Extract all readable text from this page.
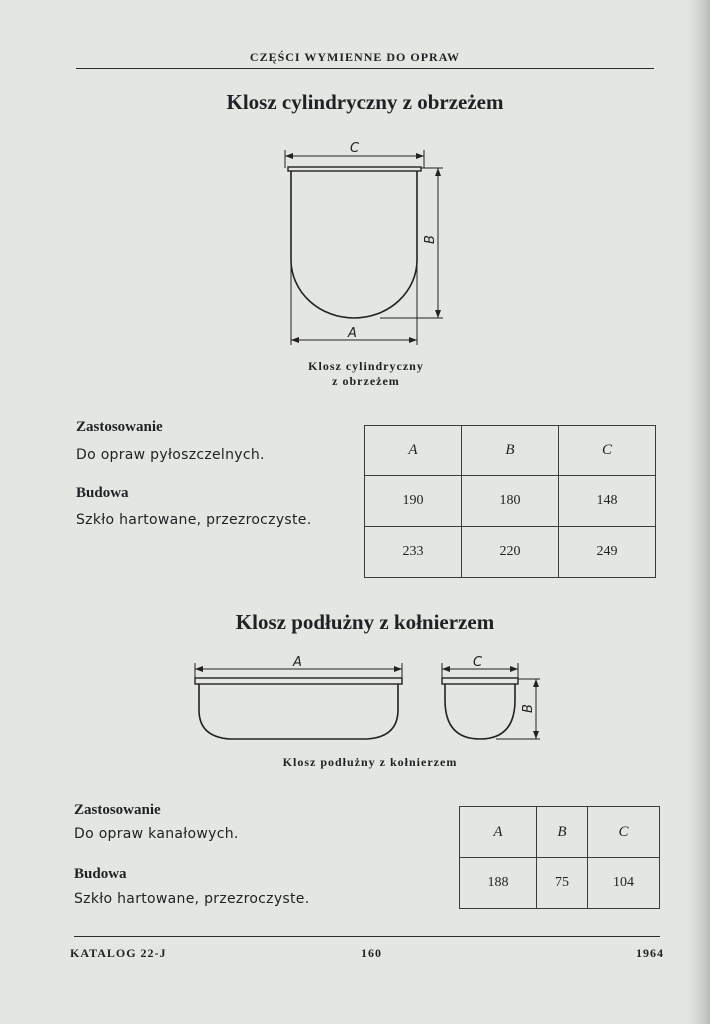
CZĘŚCI WYMIENNE DO OPRAW
Klosz cylindryczny z obrzeżem
C
B
A
Klosz cylindryczny
z obrzeżem
Zastosowanie
Do opraw pyłoszczelnych.
Budowa
Szkło hartowane, przezroczyste.
A	B	C
190	180	148
233	220	249
Klosz podłużny z kołnierzem
A	C
B
Klosz podłużny z kołnierzem
Zastosowanie
Do opraw kanałowych.
Budowa
Szkło hartowane, przezroczyste.
A	B	C
188	75	104
KATALOG 22-J	160	1964
